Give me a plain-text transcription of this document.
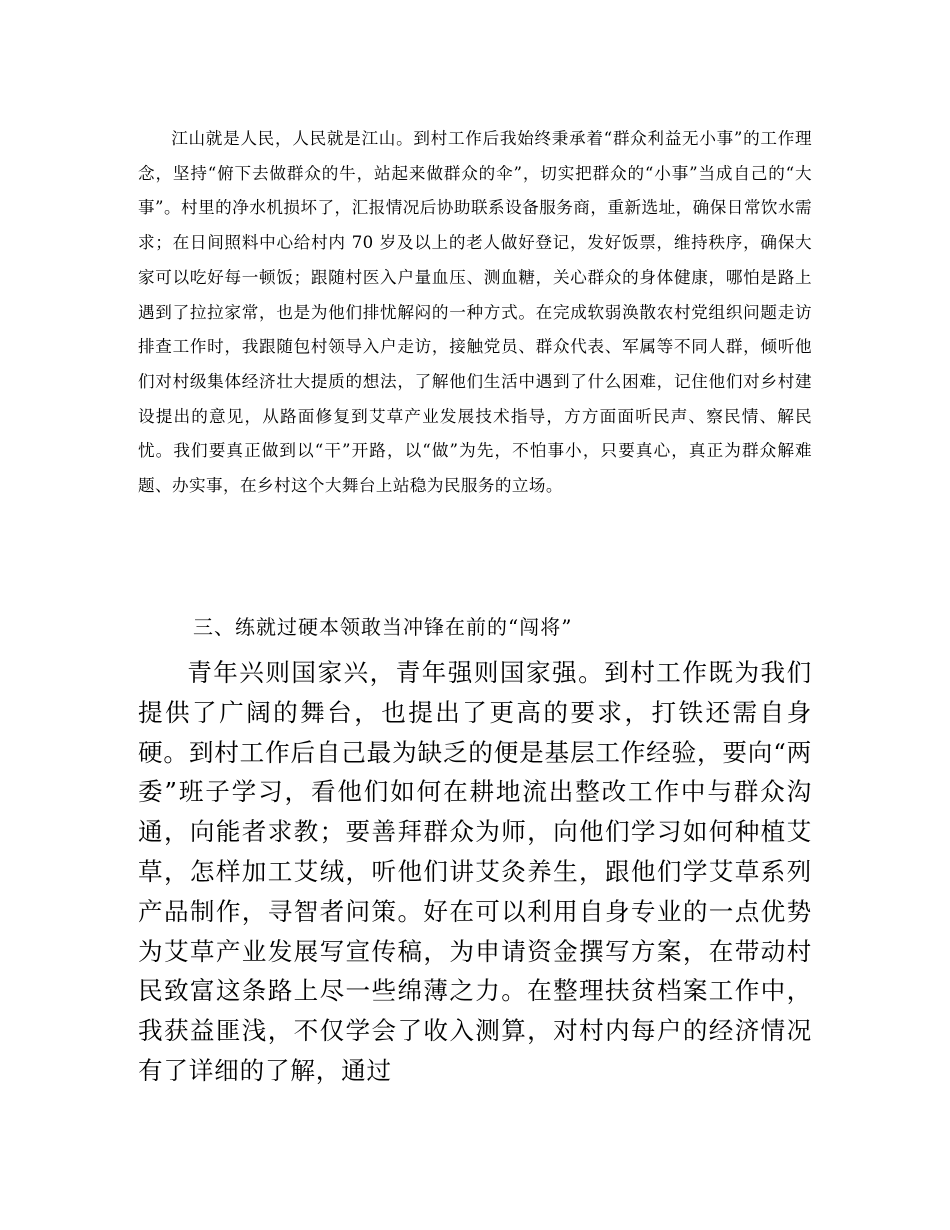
江山就是人民，人民就是江山。到村工作后我始终秉承着“群众利益无小事”的工作理念，坚持“俯下去做群众的牛，站起来做群众的伞”，切实把群众的“小事”当成自己的“大事”。村里的净水机损坏了，汇报情况后协助联系设备服务商，重新选址，确保日常饮水需求；在日间照料中心给村内 70 岁及以上的老人做好登记，发好饭票，维持秩序，确保大家可以吃好每一顿饭；跟随村医入户量血压、测血糖，关心群众的身体健康，哪怕是路上遇到了拉拉家常，也是为他们排忧解闷的一种方式。在完成软弱涣散农村党组织问题走访排查工作时，我跟随包村领导入户走访，接触党员、群众代表、军属等不同人群，倾听他们对村级集体经济壮大提质的想法，了解他们生活中遇到了什么困难，记住他们对乡村建设提出的意见，从路面修复到艾草产业发展技术指导，方方面面听民声、察民情、解民忧。我们要真正做到以“干”开路，以“做”为先，不怕事小，只要真心，真正为群众解难题、办实事，在乡村这个大舞台上站稳为民服务的立场。

三、练就过硬本领敢当冲锋在前的“闯将”

青年兴则国家兴，青年强则国家强。到村工作既为我们提供了广阔的舞台，也提出了更高的要求，打铁还需自身硬。到村工作后自己最为缺乏的便是基层工作经验，要向“两委”班子学习，看他们如何在耕地流出整改工作中与群众沟通，向能者求教；要善拜群众为师，向他们学习如何种植艾草，怎样加工艾绒，听他们讲艾灸养生，跟他们学艾草系列产品制作，寻智者问策。好在可以利用自身专业的一点优势为艾草产业发展写宣传稿，为申请资金撰写方案，在带动村民致富这条路上尽一些绵薄之力。在整理扶贫档案工作中，我获益匪浅，不仅学会了收入测算，对村内每户的经济情况有了详细的了解，通过
